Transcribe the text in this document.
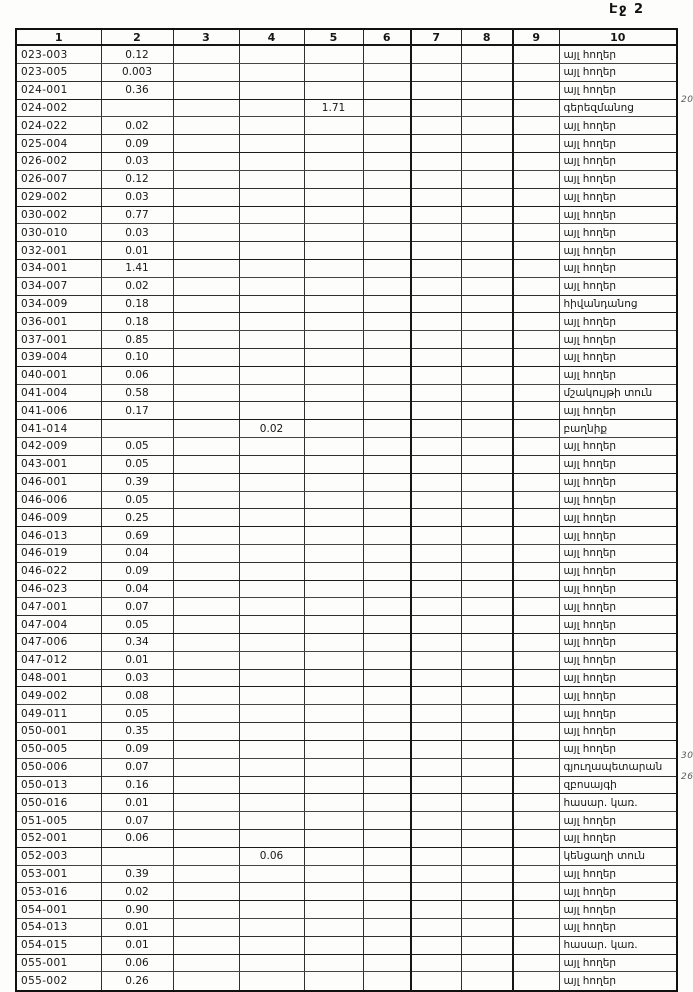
Էջ 2
20
30
26
1	2	3	4	5	6	7	8	9	10
023-003	0.12								այլ հողեր
023-005	0.003								այլ հողեր
024-001	0.36								այլ հողեր
024-002				1.71					գերեզմանոց
024-022	0.02								այլ հողեր
025-004	0.09								այլ հողեր
026-002	0.03								այլ հողեր
026-007	0.12								այլ հողեր
029-002	0.03								այլ հողեր
030-002	0.77								այլ հողեր
030-010	0.03								այլ հողեր
032-001	0.01								այլ հողեր
034-001	1.41								այլ հողեր
034-007	0.02								այլ հողեր
034-009	0.18								հիվանդանոց
036-001	0.18								այլ հողեր
037-001	0.85								այլ հողեր
039-004	0.10								այլ հողեր
040-001	0.06								այլ հողեր
041-004	0.58								մշակույթի տուն
041-006	0.17								այլ հողեր
041-014			0.02						բաղնիք
042-009	0.05								այլ հողեր
043-001	0.05								այլ հողեր
046-001	0.39								այլ հողեր
046-006	0.05								այլ հողեր
046-009	0.25								այլ հողեր
046-013	0.69								այլ հողեր
046-019	0.04								այլ հողեր
046-022	0.09								այլ հողեր
046-023	0.04								այլ հողեր
047-001	0.07								այլ հողեր
047-004	0.05								այլ հողեր
047-006	0.34								այլ հողեր
047-012	0.01								այլ հողեր
048-001	0.03								այլ հողեր
049-002	0.08								այլ հողեր
049-011	0.05								այլ հողեր
050-001	0.35								այլ հողեր
050-005	0.09								այլ հողեր
050-006	0.07								գյուղապետարան
050-013	0.16								զբոսայգի
050-016	0.01								հասար. կառ.
051-005	0.07								այլ հողեր
052-001	0.06								այլ հողեր
052-003			0.06						կենցաղի տուն
053-001	0.39								այլ հողեր
053-016	0.02								այլ հողեր
054-001	0.90								այլ հողեր
054-013	0.01								այլ հողեր
054-015	0.01								հասար. կառ.
055-001	0.06								այլ հողեր
055-002	0.26								այլ հողեր
